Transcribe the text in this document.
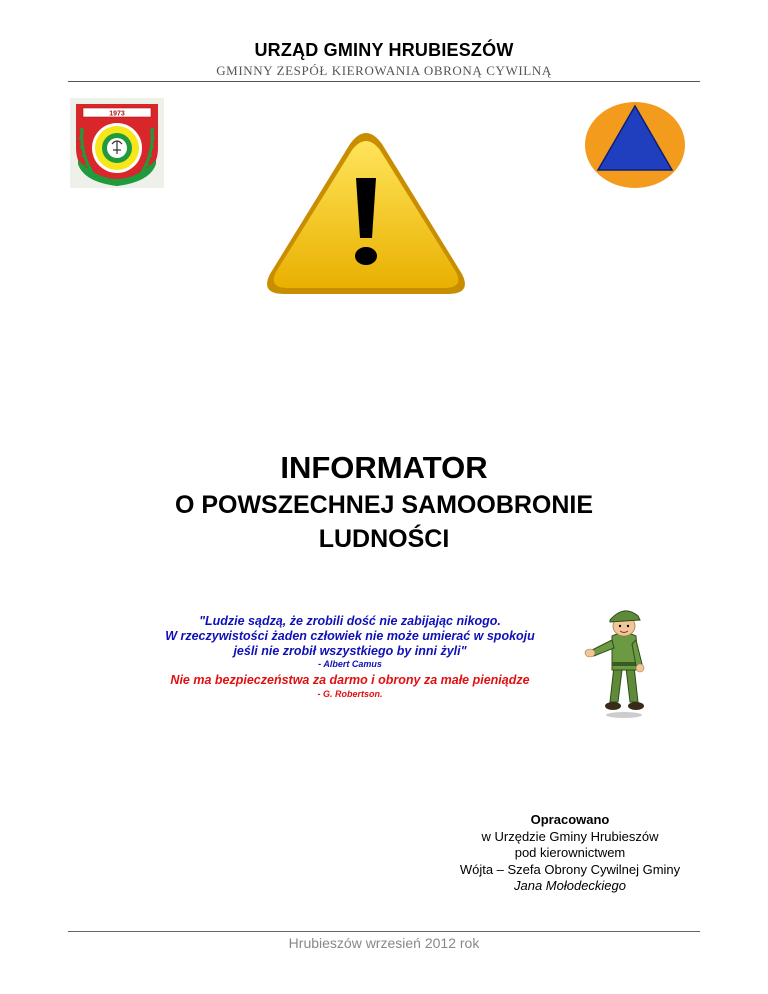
URZĄD GMINY HRUBIESZÓW
GMINNY ZESPÓŁ KIEROWANIA OBRONĄ CYWILNĄ
1973
INFORMATOR
O POWSZECHNEJ SAMOOBRONIE
LUDNOŚCI
"Ludzie sądzą, że zrobili dość nie zabijając nikogo.
W rzeczywistości żaden człowiek nie może umierać w spokoju
jeśli nie zrobił wszystkiego by inni żyli"
- Albert Camus
Nie ma bezpieczeństwa za darmo i obrony za małe pieniądze
- G. Robertson.
Opracowano
w Urzędzie Gminy Hrubieszów
pod kierownictwem
Wójta – Szefa Obrony Cywilnej Gminy
Jana Mołodeckiego
Hrubieszów wrzesień 2012 rok
